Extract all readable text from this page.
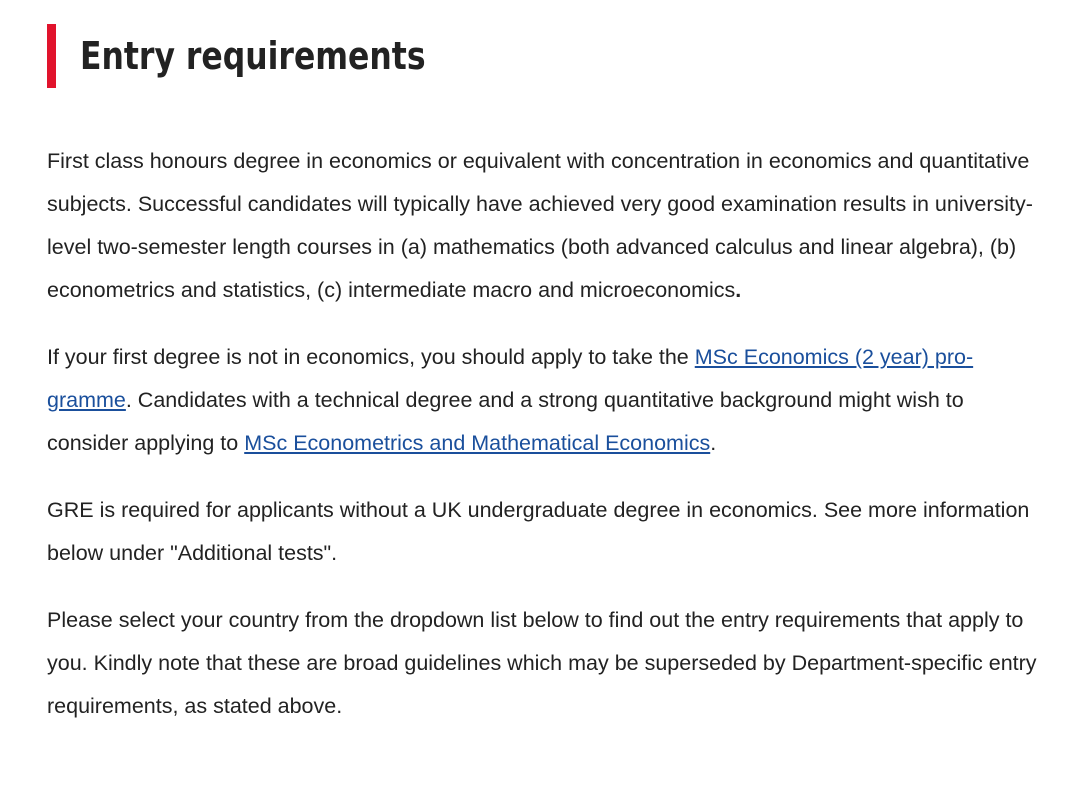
Entry requirements

First class honours degree in economics or equivalent with concentration in economics and quantitative subjects. Successful candidates will typically have achieved very good examination results in university-level two-semester length courses in (a) mathematics (both advanced calculus and linear algebra), (b) econometrics and statistics, (c) intermediate macro and microeconomics.

If your first degree is not in economics, you should apply to take the MSc Economics (2 year) programme. Candidates with a technical degree and a strong quantitative background might wish to consider applying to MSc Econometrics and Mathematical Economics.

GRE is required for applicants without a UK undergraduate degree in economics. See more information below under "Additional tests".

Please select your country from the dropdown list below to find out the entry requirements that apply to you. Kindly note that these are broad guidelines which may be superseded by Department-specific entry requirements, as stated above.
